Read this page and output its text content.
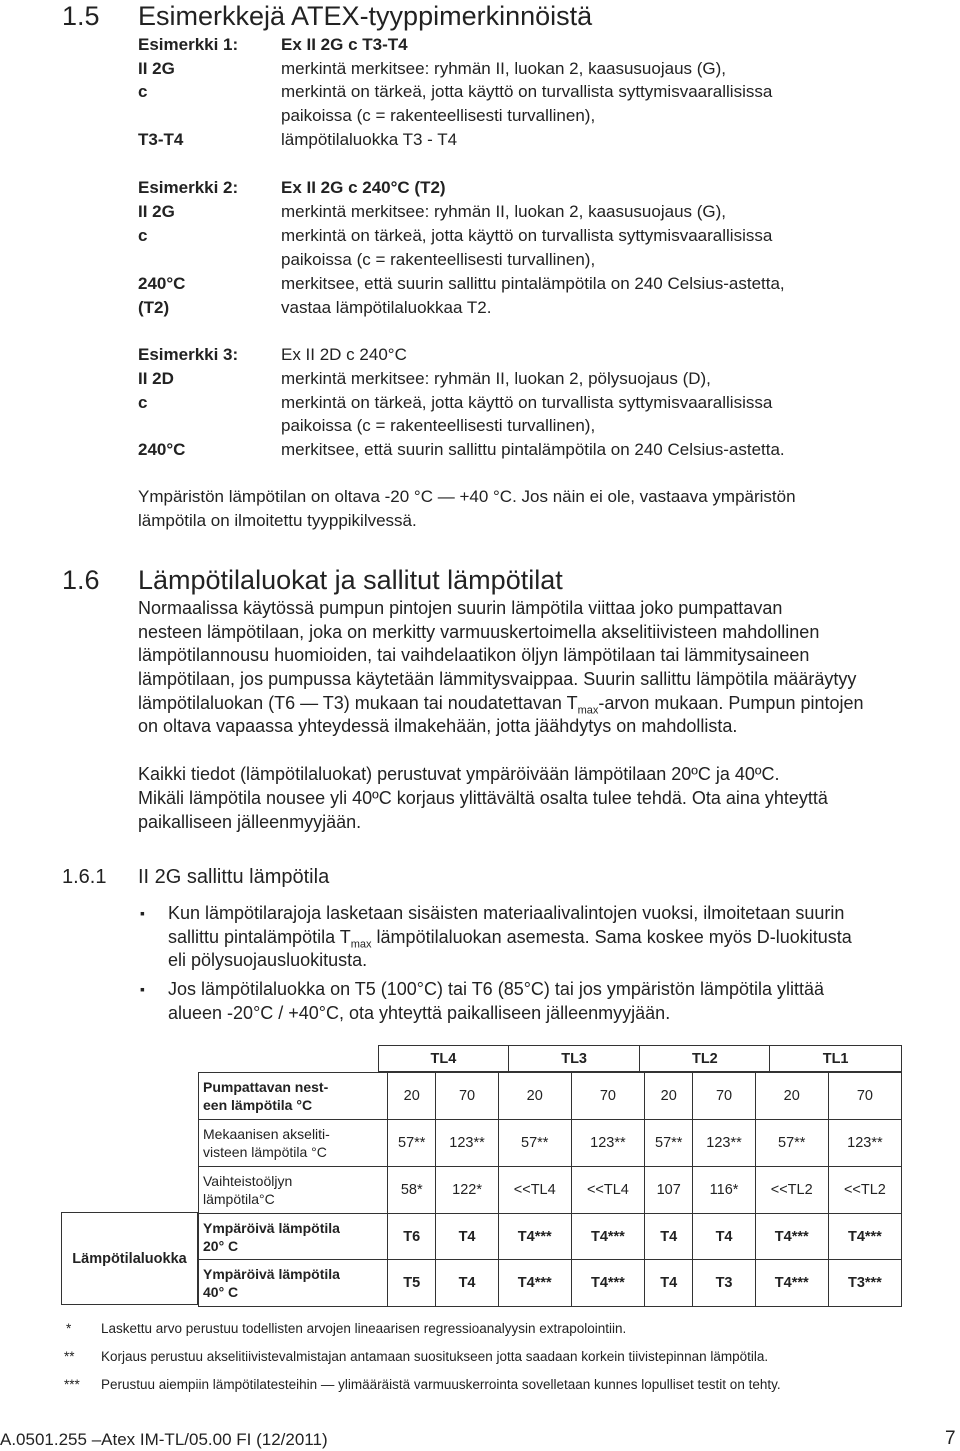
1.5 Esimerkkejä ATEX-tyyppimerkinnöistä
Esimerkki 1:	Ex II 2G c T3-T4
II 2G	merkintä merkitsee: ryhmän II, luokan 2, kaasusuojaus (G),
c	merkintä on tärkeä, jotta käyttö on turvallista syttymisvaarallisissa
paikoissa (c = rakenteellisesti turvallinen),
T3-T4	lämpötilaluokka T3 - T4
Esimerkki 2:	Ex II 2G c 240°C (T2)
II 2G	merkintä merkitsee: ryhmän II, luokan 2, kaasusuojaus (G),
c	merkintä on tärkeä, jotta käyttö on turvallista syttymisvaarallisissa
paikoissa (c = rakenteellisesti turvallinen),
240°C	merkitsee, että suurin sallittu pintalämpötila on 240 Celsius-astetta,
(T2)	vastaa lämpötilaluokkaa T2.
Esimerkki 3:	Ex II 2D c 240°C
II 2D	merkintä merkitsee: ryhmän II, luokan 2, pölysuojaus (D),
c	merkintä on tärkeä, jotta käyttö on turvallista syttymisvaarallisissa
paikoissa (c = rakenteellisesti turvallinen),
240°C	merkitsee, että suurin sallittu pintalämpötila on 240 Celsius-astetta.
Ympäristön lämpötilan on oltava -20 °C — +40 °C. Jos näin ei ole, vastaava ympäristön
lämpötila on ilmoitettu tyyppikilvessä.
1.6 Lämpötilaluokat ja sallitut lämpötilat
Normaalissa käytössä pumpun pintojen suurin lämpötila viittaa joko pumpattavan
nesteen lämpötilaan, joka on merkitty varmuuskertoimella akselitiivisteen mahdollinen
lämpötilannousu huomioiden, tai vaihdelaatikon öljyn lämpötilaan tai lämmitysaineen
lämpötilaan, jos pumpussa käytetään lämmitysvaippaa. Suurin sallittu lämpötila määräytyy
lämpötilaluokan (T6 — T3) mukaan tai noudatettavan $T_{max}$-arvon mukaan. Pumpun pintojen
on oltava vapaassa yhteydessä ilmakehään, jotta jäähdytys on mahdollista.
Kaikki tiedot (lämpötilaluokat) perustuvat ympäröivään lämpötilaan 20ºC ja 40ºC.
Mikäli lämpötila nousee yli 40ºC korjaus ylittävältä osalta tulee tehdä. Ota aina yhteyttä
paikalliseen jälleenmyyjään.
1.6.1 II 2G sallittu lämpötila
▪ Kun lämpötilarajoja lasketaan sisäisten materiaalivalintojen vuoksi, ilmoitetaan suurin
sallittu pintalämpötila $T_{max}$ lämpötilaluokan asemesta. Sama koskee myös D-luokitusta
eli pölysuojausluokitusta.
▪ Jos lämpötilaluokka on T5 (100°C) tai T6 (85°C) tai jos ympäristön lämpötila ylittää
alueen -20°C / +40°C, ota yhteyttä paikalliseen jälleenmyyjään.
TL4	TL3	TL2	TL1
Lämpötilaluokka
Pumpattavan nest-
een lämpötila °C	20	70	20	70	20	70	20	70

Mekaanisen akseliti-
visteen lämpötila °C	57**	123**	57**	123**	57**	123**	57**	123**

Vaihteistoöljyn
lämpötila°C	58*	122*	<<TL4	<<TL4	107	116*	<<TL2	<<TL2

Ympäröivä lämpötila
20° C	T6	T4	T4***	T4***	T4	T4	T4***	T4***

Ympäröivä lämpötila
40° C	T5	T4	T4***	T4***	T4	T3	T4***	T3***
* Laskettu arvo perustuu todellisten arvojen lineaarisen regressioanalyysin extrapolointiin.
** Korjaus perustuu akselitiivistevalmistajan antamaan suositukseen jotta saadaan korkein tiivistepinnan lämpötila.
*** Perustuu aiempiin lämpötilatesteihin — ylimääräistä varmuuskerrointa sovelletaan kunnes lopulliset testit on tehty.
A.0501.255 –Atex IM-TL/05.00 FI (12/2011)	7
